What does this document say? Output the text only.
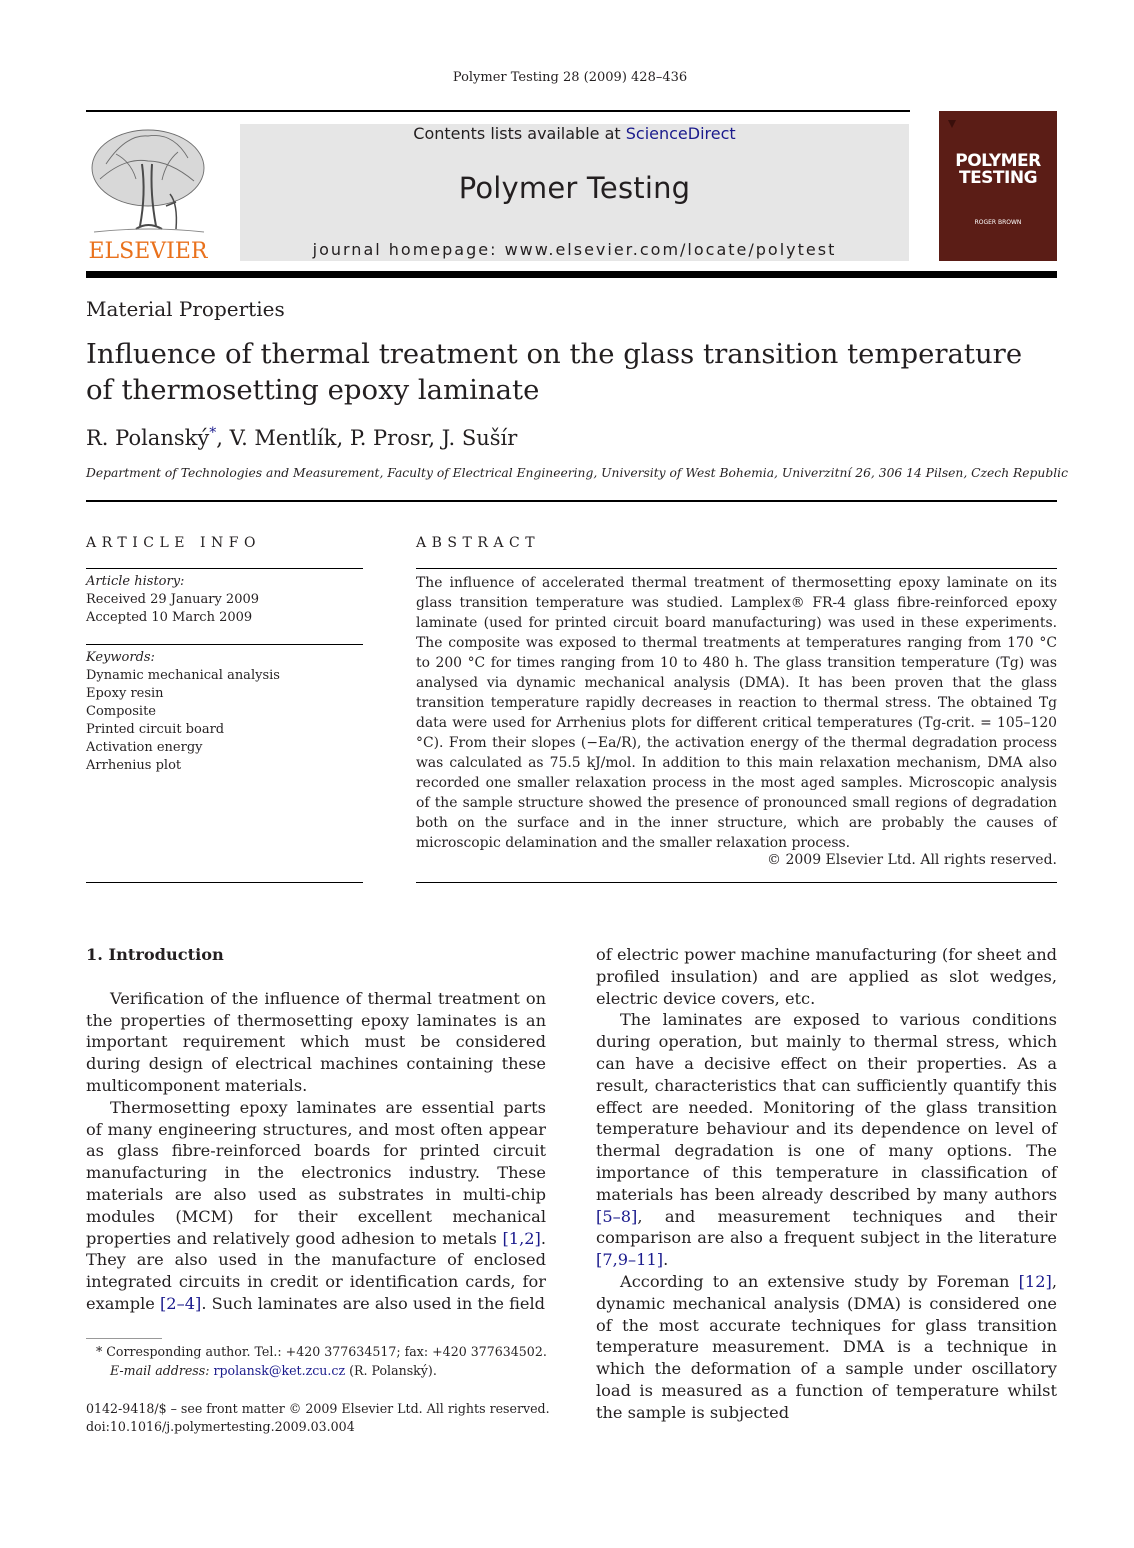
Polymer Testing 28 (2009) 428–436
ELSEVIER
Contents lists available at ScienceDirect
Polymer Testing
journal homepage: www.elsevier.com/locate/polytest
POLYMER
TESTING
ROGER BROWN
Material Properties
Influence of thermal treatment on the glass transition temperature
of thermosetting epoxy laminate
R. Polanský*, V. Mentlík, P. Prosr, J. Sušír
Department of Technologies and Measurement, Faculty of Electrical Engineering, University of West Bohemia, Univerzitní 26, 306 14 Pilsen, Czech Republic
ARTICLE INFO
Article history:
Received 29 January 2009
Accepted 10 March 2009
Keywords:
Dynamic mechanical analysis
Epoxy resin
Composite
Printed circuit board
Activation energy
Arrhenius plot
ABSTRACT

The influence of accelerated thermal treatment of thermosetting epoxy laminate on its glass transition temperature was studied. Lamplex® FR-4 glass fibre-reinforced epoxy laminate (used for printed circuit board manufacturing) was used in these experiments. The composite was exposed to thermal treatments at temperatures ranging from 170 °C to 200 °C for times ranging from 10 to 480 h. The glass transition temperature (Tg) was analysed via dynamic mechanical analysis (DMA). It has been proven that the glass transition temperature rapidly decreases in reaction to thermal stress. The obtained Tg data were used for Arrhenius plots for different critical temperatures (Tg-crit. = 105–120 °C). From their slopes (−Ea/R), the activation energy of the thermal degradation process was calculated as 75.5 kJ/mol. In addition to this main relaxation mechanism, DMA also recorded one smaller relaxation process in the most aged samples. Microscopic analysis of the sample structure showed the presence of pronounced small regions of degradation both on the surface and in the inner structure, which are probably the causes of microscopic delamination and the smaller relaxation process.

© 2009 Elsevier Ltd. All rights reserved.

1. Introduction

Verification of the influence of thermal treatment on the properties of thermosetting epoxy laminates is an important requirement which must be considered during design of electrical machines containing these multicomponent materials.

Thermosetting epoxy laminates are essential parts of many engineering structures, and most often appear as glass fibre-reinforced boards for printed circuit manufacturing in the electronics industry. These materials are also used as substrates in multi-chip modules (MCM) for their excellent mechanical properties and relatively good adhesion to metals [1,2]. They are also used in the manufacture of enclosed integrated circuits in credit or identification cards, for example [2–4]. Such laminates are also used in the field

of electric power machine manufacturing (for sheet and profiled insulation) and are applied as slot wedges, electric device covers, etc.

The laminates are exposed to various conditions during operation, but mainly to thermal stress, which can have a decisive effect on their properties. As a result, characteristics that can sufficiently quantify this effect are needed. Monitoring of the glass transition temperature behaviour and its dependence on level of thermal degradation is one of many options. The importance of this temperature in classification of materials has been already described by many authors [5–8], and measurement techniques and their comparison are also a frequent subject in the literature [7,9–11].

According to an extensive study by Foreman [12], dynamic mechanical analysis (DMA) is considered one of the most accurate techniques for glass transition temperature measurement. DMA is a technique in which the deformation of a sample under oscillatory load is measured as a function of temperature whilst the sample is subjected

* Corresponding author. Tel.: +420 377634517; fax: +420 377634502.
E-mail address: rpolansk@ket.zcu.cz (R. Polanský).
0142-9418/$ – see front matter © 2009 Elsevier Ltd. All rights reserved.
doi:10.1016/j.polymertesting.2009.03.004
